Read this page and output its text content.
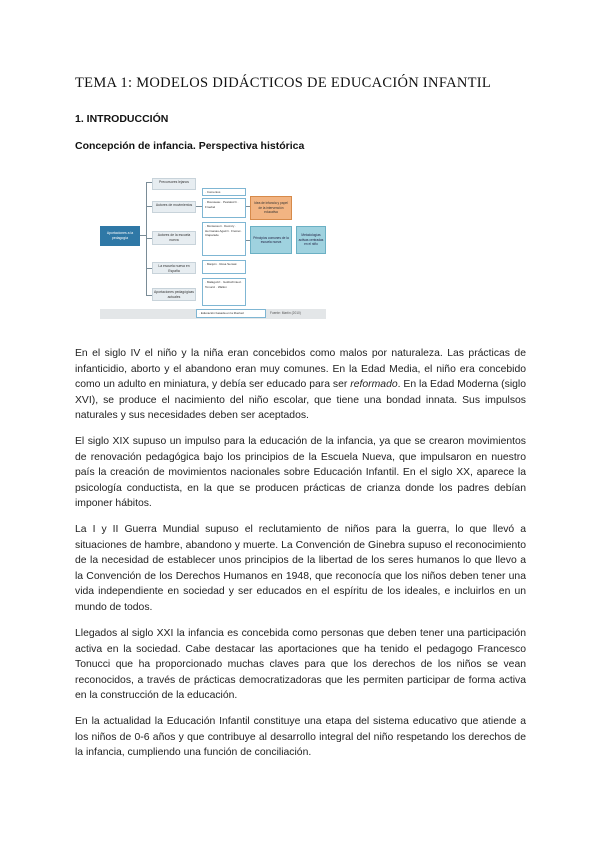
TEMA 1: MODELOS DIDÁCTICOS DE EDUCACIÓN INFANTIL
1. INTRODUCCIÓN
Concepción de infancia. Perspectiva histórica
Aportaciones a la pedagogía
Precursores lejanos
Autores de movimientos
Autores de la escuela nueva
La escuela nueva en España
Aportaciones pedagógicas actuales
· Comenius
· Rousseau · Pestalozzi · Froebel
· Montessori · Decroly · Hermanas Agazzi · Freinet · Claparède
· Manjón · Rosa Sensat
· Malaguzzi · Goldschmied · Tonucci · Wallon
Idea de infancia y papel de la intervención educativa
Principios comunes de la escuela nueva
Metodologías activas centradas en el niño
· Educación basada en la libertad	Fuente: Martín (2010)

En el siglo IV el niño y la niña eran concebidos como malos por naturaleza. Las prácticas de infanticidio, aborto y el abandono eran muy comunes. En la Edad Media, el niño era concebido como un adulto en miniatura, y debía ser educado para ser reformado. En la Edad Moderna (siglo XVI), se produce el nacimiento del niño escolar, que tiene una bondad innata. Sus impulsos naturales y sus necesidades deben ser aceptados.

El siglo XIX supuso un impulso para la educación de la infancia, ya que se crearon movimientos de renovación pedagógica bajo los principios de la Escuela Nueva, que impulsaron en nuestro país la creación de movimientos nacionales sobre Educación Infantil. En el siglo XX, aparece la psicología conductista, en la que se producen prácticas de crianza donde los padres debían imponer hábitos.

La I y II Guerra Mundial supuso el reclutamiento de niños para la guerra, lo que llevó a situaciones de hambre, abandono y muerte. La Convención de Ginebra supuso el reconocimiento de la necesidad de establecer unos principios de la libertad de los seres humanos lo que llevo a la Convención de los Derechos Humanos en 1948, que reconocía que los niños deben tener una vida independiente en sociedad y ser educados en el espíritu de los ideales, e incluirlos en un mundo de todos.

Llegados al siglo XXI la infancia es concebida como personas que deben tener una participación activa en la sociedad. Cabe destacar las aportaciones que ha tenido el pedagogo Francesco Tonucci que ha proporcionado muchas claves para que los derechos de los niños se vean reconocidos, a través de prácticas democratizadoras que les permiten participar de forma activa en la construcción de la educación.

En la actualidad la Educación Infantil constituye una etapa del sistema educativo que atiende a los niños de 0-6 años y que contribuye al desarrollo integral del niño respetando los derechos de la infancia, cumpliendo una función de conciliación.
